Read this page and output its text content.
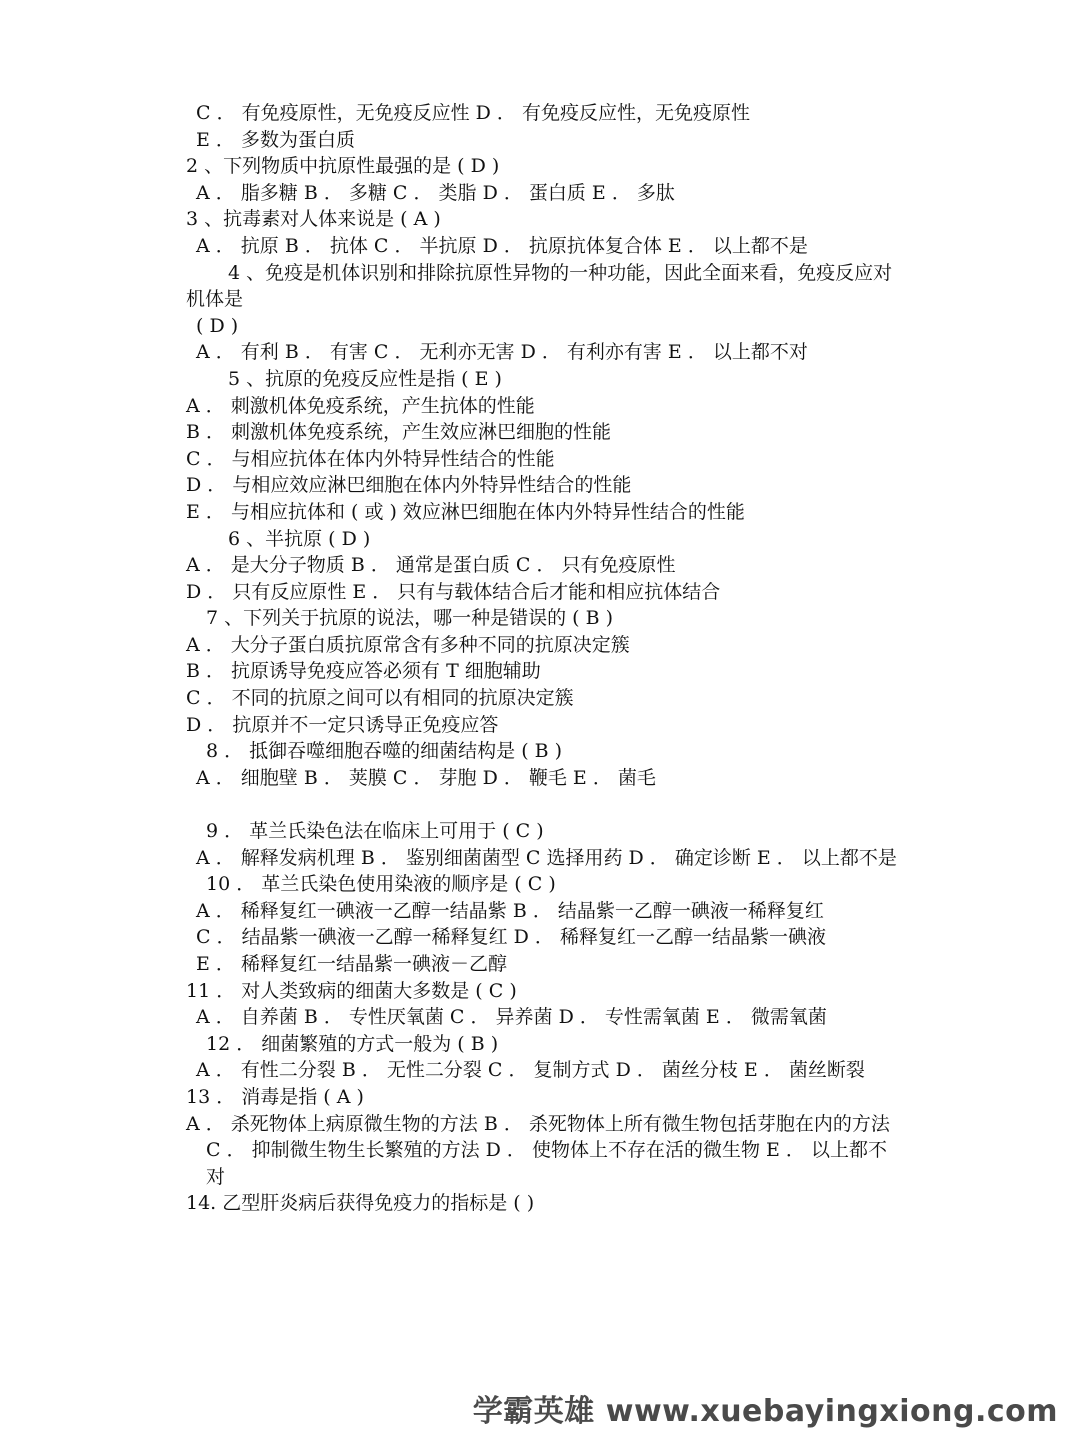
C ． 有免疫原性，无免疫反应性 D ． 有免疫反应性，无免疫原性
E ． 多数为蛋白质
2 、下列物质中抗原性最强的是 ( D )
A ． 脂多糖 B ． 多糖 C ． 类脂 D ． 蛋白质 E ． 多肽
3 、抗毒素对人体来说是 ( A )
A ． 抗原 B ． 抗体 C ． 半抗原 D ． 抗原抗体复合体 E ． 以上都不是
4 、免疫是机体识别和排除抗原性异物的一种功能，因此全面来看，免疫反应对机体是
( D )
A ． 有利 B ． 有害 C ． 无利亦无害 D ． 有利亦有害 E ． 以上都不对
5 、抗原的免疫反应性是指 ( E )
A ． 刺激机体免疫系统，产生抗体的性能
B ． 刺激机体免疫系统，产生效应淋巴细胞的性能
C ． 与相应抗体在体内外特异性结合的性能
D ． 与相应效应淋巴细胞在体内外特异性结合的性能
E ． 与相应抗体和 ( 或 ) 效应淋巴细胞在体内外特异性结合的性能
6 、半抗原 ( D )
A ． 是大分子物质 B ． 通常是蛋白质 C ． 只有免疫原性
D ． 只有反应原性 E ． 只有与载体结合后才能和相应抗体结合
7 、下列关于抗原的说法，哪一种是错误的 ( B )
A ． 大分子蛋白质抗原常含有多种不同的抗原决定簇
B ． 抗原诱导免疫应答必须有 T 细胞辅助
C ． 不同的抗原之间可以有相同的抗原决定簇
D ． 抗原并不一定只诱导正免疫应答
8 ． 抵御吞噬细胞吞噬的细菌结构是 ( B )
A ． 细胞壁 B ． 荚膜 C ． 芽胞 D ． 鞭毛 E ． 菌毛
9 ． 革兰氏染色法在临床上可用于 ( C )
A ． 解释发病机理 B ． 鉴别细菌菌型 C 选择用药 D ． 确定诊断 E ． 以上都不是
10 ． 革兰氏染色使用染液的顺序是 ( C )
A ． 稀释复红一碘液一乙醇一结晶紫 B ． 结晶紫一乙醇一碘液一稀释复红
C ． 结晶紫一碘液一乙醇一稀释复红 D ． 稀释复红一乙醇一结晶紫一碘液
E ． 稀释复红一结晶紫一碘液－乙醇
11 ． 对人类致病的细菌大多数是 ( C )
A ． 自养菌 B ． 专性厌氧菌 C ． 异养菌 D ． 专性需氧菌 E ． 微需氧菌
12 ． 细菌繁殖的方式一般为 ( B )
A ． 有性二分裂 B ． 无性二分裂 C ． 复制方式 D ． 菌丝分枝 E ． 菌丝断裂
13 ． 消毒是指 ( A )
A ． 杀死物体上病原微生物的方法 B ． 杀死物体上所有微生物包括芽胞在内的方法 C ． 抑制微生物生长繁殖的方法 D ． 使物体上不存在活的微生物 E ． 以上都不对
14. 乙型肝炎病后获得免疫力的指标是 ( )
学霸英雄 www.xuebayingxiong.com
